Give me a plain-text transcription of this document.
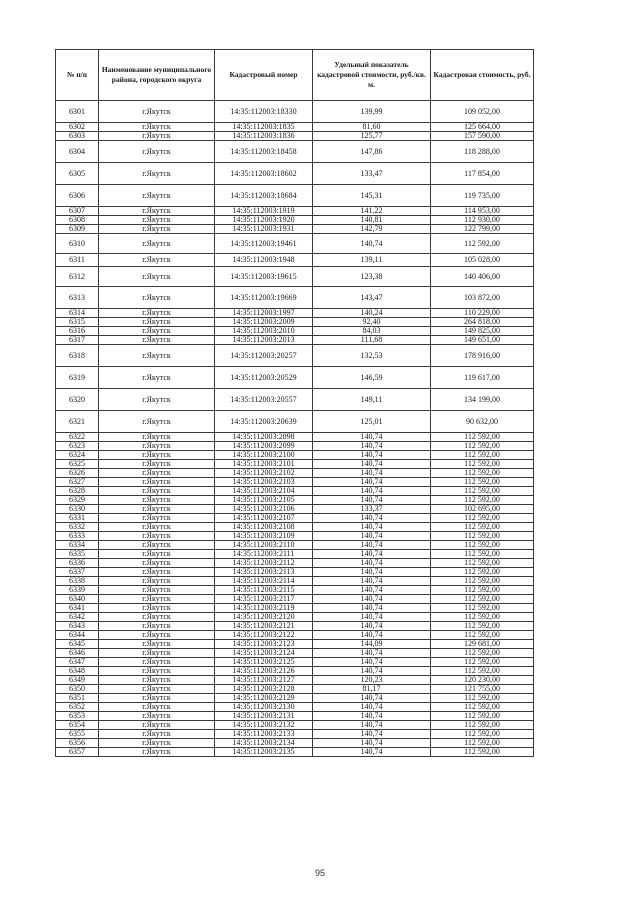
№ п/п	Наименование муниципального района, городского округа	Кадастровый номер	Удельный показатель кадастровой стоимости, руб./кв. м.	Кадастровая стоимость, руб.
6301	г.Якутск	14:35:112003:18330	139,99	109 052,00
6302	г.Якутск	14:35:112003:1835	81,60	125 664,00
6303	г.Якутск	14:35:112003:1836	125,77	157 590,00
6304	г.Якутск	14:35:112003:18458	147,86	118 288,00
6305	г.Якутск	14:35:112003:18602	133,47	117 854,00
6306	г.Якутск	14:35:112003:18684	145,31	119 735,00
6307	г.Якутск	14:35:112003:1919	141,22	114 953,00
6308	г.Якутск	14:35:112003:1920	140,81	112 930,00
6309	г.Якутск	14:35:112003:1931	142,79	122 799,00
6310	г.Якутск	14:35:112003:19461	140,74	112 592,00
6311	г.Якутск	14:35:112003:1948	139,11	105 028,00
6312	г.Якутск	14:35:112003:19615	123,38	140 406,00
6313	г.Якутск	14:35:112003:19669	143,47	103 872,00
6314	г.Якутск	14:35:112003:1997	140,24	110 229,00
6315	г.Якутск	14:35:112003:2009	92,40	264 818,00
6316	г.Якутск	14:35:112003:2010	84,03	149 825,00
6317	г.Якутск	14:35:112003:2013	111,68	149 651,00
6318	г.Якутск	14:35:112003:20257	132,53	178 916,00
6319	г.Якутск	14:35:112003:20529	146,59	119 617,00
6320	г.Якутск	14:35:112003:20557	149,11	134 199,00
6321	г.Якутск	14:35:112003:20639	125,01	90 632,00
6322	г.Якутск	14:35:112003:2098	140,74	112 592,00
6323	г.Якутск	14:35:112003:2099	140,74	112 592,00
6324	г.Якутск	14:35:112003:2100	140,74	112 592,00
6325	г.Якутск	14:35:112003:2101	140,74	112 592,00
6326	г.Якутск	14:35:112003:2102	140,74	112 592,00
6327	г.Якутск	14:35:112003:2103	140,74	112 592,00
6328	г.Якутск	14:35:112003:2104	140,74	112 592,00
6329	г.Якутск	14:35:112003:2105	140,74	112 592,00
6330	г.Якутск	14:35:112003:2106	133,37	102 695,00
6331	г.Якутск	14:35:112003:2107	140,74	112 592,00
6332	г.Якутск	14:35:112003:2108	140,74	112 592,00
6333	г.Якутск	14:35:112003:2109	140,74	112 592,00
6334	г.Якутск	14:35:112003:2110	140,74	112 592,00
6335	г.Якутск	14:35:112003:2111	140,74	112 592,00
6336	г.Якутск	14:35:112003:2112	140,74	112 592,00
6337	г.Якутск	14:35:112003:2113	140,74	112 592,00
6338	г.Якутск	14:35:112003:2114	140,74	112 592,00
6339	г.Якутск	14:35:112003:2115	140,74	112 592,00
6340	г.Якутск	14:35:112003:2117	140,74	112 592,00
6341	г.Якутск	14:35:112003:2119	140,74	112 592,00
6342	г.Якутск	14:35:112003:2120	140,74	112 592,00
6343	г.Якутск	14:35:112003:2121	140,74	112 592,00
6344	г.Якутск	14:35:112003:2122	140,74	112 592,00
6345	г.Якутск	14:35:112003:2123	144,09	129 681,00
6346	г.Якутск	14:35:112003:2124	140,74	112 592,00
6347	г.Якутск	14:35:112003:2125	140,74	112 592,00
6348	г.Якутск	14:35:112003:2126	140,74	112 592,00
6349	г.Якутск	14:35:112003:2127	120,23	120 230,00
6350	г.Якутск	14:35:112003:2128	81,17	121 755,00
6351	г.Якутск	14:35:112003:2129	140,74	112 592,00
6352	г.Якутск	14:35:112003:2130	140,74	112 592,00
6353	г.Якутск	14:35:112003:2131	140,74	112 592,00
6354	г.Якутск	14:35:112003:2132	140,74	112 592,00
6355	г.Якутск	14:35:112003:2133	140,74	112 592,00
6356	г.Якутск	14:35:112003:2134	140,74	112 592,00
6357	г.Якутск	14:35:112003:2135	140,74	112 592,00
95
